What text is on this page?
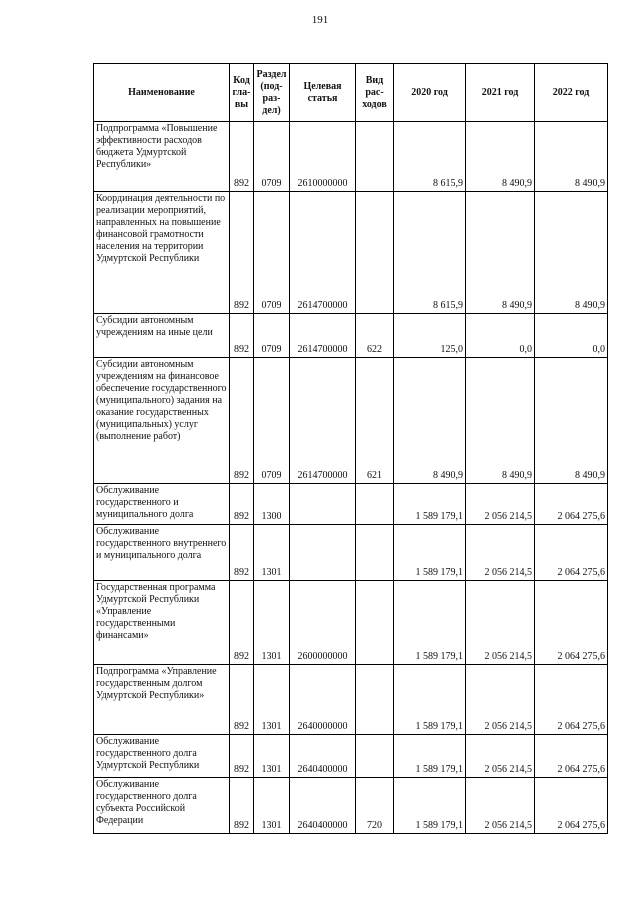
191
Наименование	Код гла-вы	Раздел (под-раз-дел)	Целевая статья	Вид рас-ходов	2020 год	2021 год	2022 год

Подпрограмма «Повышение эффективности расходов бюджета Удмуртской Республики»	892	0709	2610000000		8 615,9	8 490,9	8 490,9

Координация деятельности по реализации мероприятий, направленных на повышение финансовой грамотности населения на территории Удмуртской Республики	892	0709	2614700000		8 615,9	8 490,9	8 490,9

Субсидии автономным учреждениям на иные цели	892	0709	2614700000	622	125,0	0,0	0,0

Субсидии автономным учреждениям на финансовое обеспечение государственного (муниципального) задания на оказание государственных (муниципальных) услуг (выполнение работ)	892	0709	2614700000	621	8 490,9	8 490,9	8 490,9

Обслуживание государственного и муниципального долга	892	1300			1 589 179,1	2 056 214,5	2 064 275,6

Обслуживание государственного внутреннего и муниципального долга	892	1301			1 589 179,1	2 056 214,5	2 064 275,6

Государственная программа Удмуртской Республики «Управление государственными финансами»	892	1301	2600000000		1 589 179,1	2 056 214,5	2 064 275,6

Подпрограмма «Управление государственным долгом Удмуртской Республики»	892	1301	2640000000		1 589 179,1	2 056 214,5	2 064 275,6

Обслуживание государственного долга Удмуртской Республики	892	1301	2640400000		1 589 179,1	2 056 214,5	2 064 275,6

Обслуживание государственного долга субъекта Российской Федерации	892	1301	2640400000	720	1 589 179,1	2 056 214,5	2 064 275,6
